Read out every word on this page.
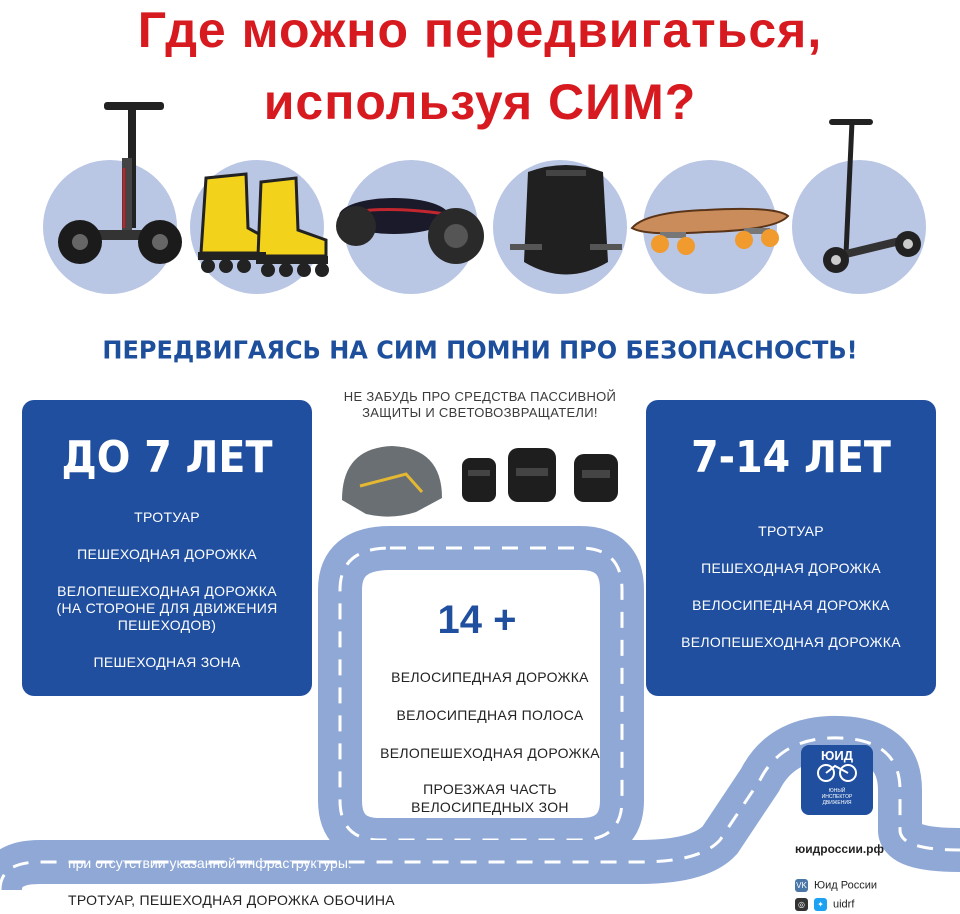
Где можно передвигаться,
используя СИМ?
ПЕРЕДВИГАЯСЬ НА СИМ ПОМНИ ПРО БЕЗОПАСНОСТЬ!
НЕ ЗАБУДЬ ПРО СРЕДСТВА ПАССИВНОЙ
ЗАЩИТЫ И СВЕТОВОЗВРАЩАТЕЛИ!
ДО 7 ЛЕТ
ТРОТУАР
ПЕШЕХОДНАЯ ДОРОЖКА
ВЕЛОПЕШЕХОДНАЯ ДОРОЖКА
(НА СТОРОНЕ ДЛЯ ДВИЖЕНИЯ
ПЕШЕХОДОВ)
ПЕШЕХОДНАЯ ЗОНА
7-14 ЛЕТ
ТРОТУАР
ПЕШЕХОДНАЯ ДОРОЖКА
ВЕЛОСИПЕДНАЯ ДОРОЖКА
ВЕЛОПЕШЕХОДНАЯ ДОРОЖКА
14 +
ВЕЛОСИПЕДНАЯ ДОРОЖКА
ВЕЛОСИПЕДНАЯ ПОЛОСА
ВЕЛОПЕШЕХОДНАЯ ДОРОЖКА
ПРОЕЗЖАЯ ЧАСТЬ
ВЕЛОСИПЕДНЫХ ЗОН
при отсутствии указанной инфраструктуры:
ТРОТУАР, ПЕШЕХОДНАЯ ДОРОЖКА ОБОЧИНА
ЮИД
ЮНЫЙ
ИНСПЕКТОР
ДВИЖЕНИЯ
юидроссии.рф
VK Юид России
◎ ✦ uidrf
